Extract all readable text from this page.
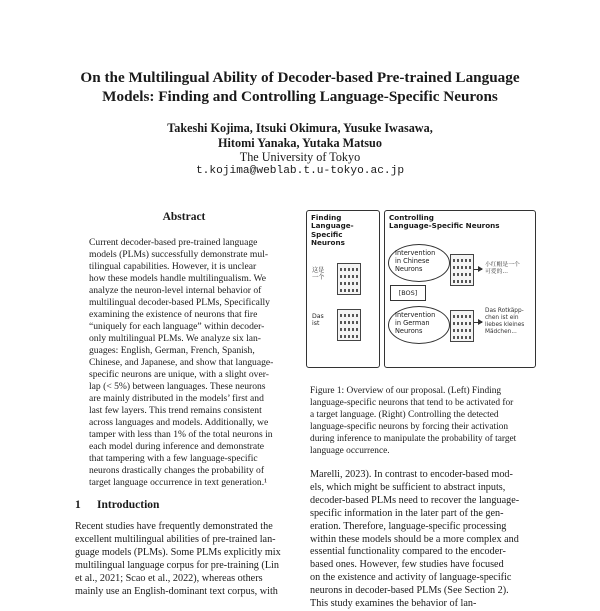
On the Multilingual Ability of Decoder-based Pre-trained Language
Models: Finding and Controlling Language-Specific Neurons
Takeshi Kojima, Itsuki Okimura, Yusuke Iwasawa,
Hitomi Yanaka, Yutaka Matsuo
The University of Tokyo
t.kojima@weblab.t.u-tokyo.ac.jp
Abstract
Current decoder-based pre-trained language
models (PLMs) successfully demonstrate mul-
tilingual capabilities. However, it is unclear
how these models handle multilingualism. We
analyze the neuron-level internal behavior of
multilingual decoder-based PLMs, Specifically
examining the existence of neurons that fire
“uniquely for each language” within decoder-
only multilingual PLMs. We analyze six lan-
guages: English, German, French, Spanish,
Chinese, and Japanese, and show that language-
specific neurons are unique, with a slight over-
lap (< 5%) between languages. These neurons
are mainly distributed in the models’ first and
last few layers. This trend remains consistent
across languages and models. Additionally, we
tamper with less than 1% of the total neurons in
each model during inference and demonstrate
that tampering with a few language-specific
neurons drastically changes the probability of
target language occurrence in text generation.¹
1 Introduction
Recent studies have frequently demonstrated the
excellent multilingual abilities of pre-trained lan-
guage models (PLMs). Some PLMs explicitly mix
multilingual language corpus for pre-training (Lin
et al., 2021; Scao et al., 2022), whereas others
mainly use an English-dominant text corpus, with
Finding
Language-Specific
Neurons
这是
一个
Das
ist
Controlling
Language-Specific Neurons
Intervention
in Chinese
Neurons	小红帽是一个
可爱的...
[BOS]
Intervention
in German
Neurons
Das Rotkäpp-
chen ist ein
liebes kleines
Mädchen...
Figure 1: Overview of our proposal. (Left) Finding
language-specific neurons that tend to be activated for
a target language. (Right) Controlling the detected
language-specific neurons by forcing their activation
during inference to manipulate the probability of target
language occurrence.
Marelli, 2023). In contrast to encoder-based mod-
els, which might be sufficient to abstract inputs,
decoder-based PLMs need to recover the language-
specific information in the later part of the gen-
eration. Therefore, language-specific processing
within these models should be a more complex and
essential functionality compared to the encoder-
based ones. However, few studies have focused
on the existence and activity of language-specific
neurons in decoder-based PLMs (See Section 2).
This study examines the behavior of lan-
